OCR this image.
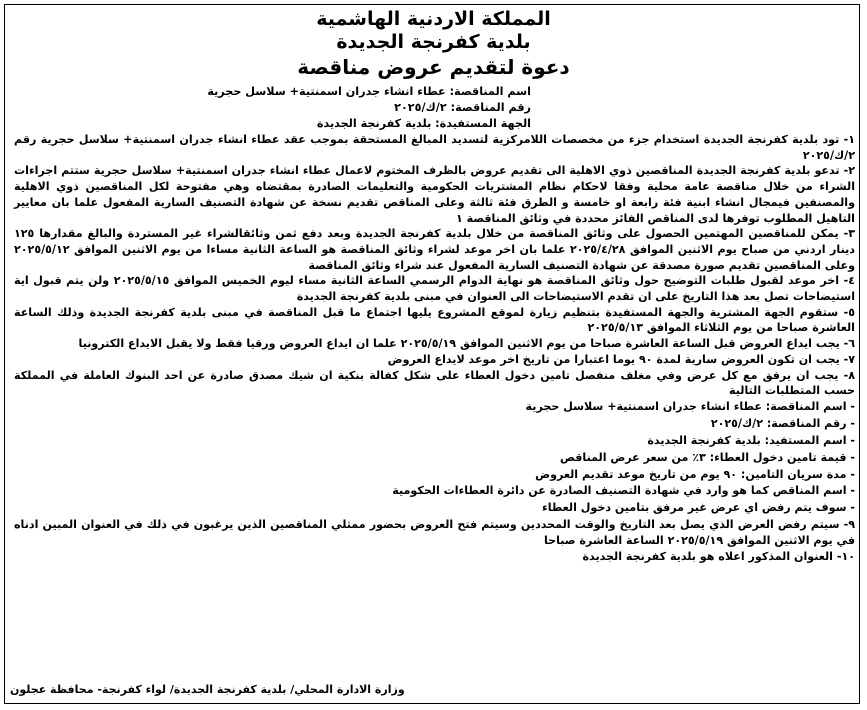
المملكة الاردنية الهاشمية
بلدية كفرنجة الجديدة
دعوة لتقديم عروض مناقصة
اسم المناقصة: عطاء انشاء جدران اسمنتية+ سلاسل حجرية
رقم المناقصة: ٢/ك/٢٠٢٥
الجهة المستفيدة: بلدية كفرنجة الجديدة

١- تود بلدية كفرنجة الجديدة استخدام جزء من مخصصات اللامركزية لتسديد المبالغ المستحقة بموجب عقد عطاء انشاء جدران اسمنتية+ سلاسل حجرية رقم ٢/ك/٢٠٢٥

٢- تدعو بلدية كفرنجة الجديدة المناقصين ذوي الاهلية الى تقديم عروض بالظرف المختوم لاعمال عطاء انشاء جدران اسمنتية+ سلاسل حجرية ستتم اجراءات الشراء من خلال مناقصة عامة محلية وفقا لاحكام نظام المشتريات الحكومية والتعليمات الصادرة بمقتضاه وهي مفتوحة لكل المناقصين ذوي الاهلية والمصنفين فيمجال انشاء ابنية فئة رابعة او خامسة و الطرق فئة ثالثة وعلى المناقص تقديم نسخة عن شهادة التصنيف السارية المفعول علما بان معايير التاهيل المطلوب توفرها لدى المناقص الفائز محددة في وثائق المناقصة ١

٣- يمكن للمناقصين المهتمين الحصول على وثائق المناقصة من خلال بلدية كفرنجة الجديدة وبعد دفع ثمن وثائقالشراء غير المستردة والبالغ مقدارها ١٢٥ دينار اردني من صباح يوم الاثنين الموافق ٢٠٢٥/٤/٢٨ علما بان اخر موعد لشراء وثائق المناقصة هو الساعة الثانية مساءا من يوم الاثنين الموافق ٢٠٢٥/٥/١٢ وعلى المناقصين تقديم صورة مصدقة عن شهادة التصنيف السارية المفعول عند شراء وثائق المناقصة

٤- اخر موعد لقبول طلبات التوضيح حول وثائق المناقصة هو نهاية الدوام الرسمي الساعة الثانية مساء ليوم الخميس الموافق ٢٠٢٥/٥/١٥ ولن يتم قبول اية استيضاحات تصل بعد هذا التاريخ على ان تقدم الاستيضاحات الى العنوان في مبنى بلدية كفرنجة الجديدة

٥- ستقوم الجهة المشترية والجهة المستفيدة بتنظيم زيارة لموقع المشروع يليها اجتماع ما قبل المناقصة في مبنى بلدية كفرنجة الجديدة وذلك الساعة العاشرة صباحا من يوم الثلاثاء الموافق ٢٠٢٥/٥/١٣

٦- يجب ايداع العروض قبل الساعة العاشرة صباحا من يوم الاثنين الموافق ٢٠٢٥/٥/١٩ علما ان ايداع العروض ورقيا فقط ولا يقبل الايداع الكترونيا

٧- يجب ان تكون العروض سارية لمدة ٩٠ يوما اعتبارا من تاريخ اخر موعد لايداع العروض

٨- يجب ان يرفق مع كل عرض وفي مغلف منفصل تامين دخول العطاء على شكل كفالة بنكية ان شيك مصدق صادرة عن احد البنوك العاملة في المملكة حسب المتطلبات التالية

- اسم المناقصة: عطاء انشاء جدران اسمنتية+ سلاسل حجرية
- رقم المناقصة: ٢/ك/٢٠٢٥
- اسم المستفيد: بلدية كفرنجة الجديدة
- قيمة تامين دخول العطاء: ٣٪ من سعر عرض المناقص
- مدة سريان التامين: ٩٠ يوم من تاريخ موعد تقديم العروض
- اسم المناقص كما هو وارد في شهادة التصنيف الصادرة عن دائرة العطاءات الحكومية
- سوف يتم رفض اي عرض غير مرفق بتامين دخول العطاء

٩- سيتم رفض العرض الذي يصل بعد التاريخ والوقت المحددين وسيتم فتح العروض بحضور ممثلي المناقصين الذين يرغبون في ذلك في العنوان المبين ادناه في يوم الاثنين الموافق ٢٠٢٥/٥/١٩ الساعة العاشرة صباحا

١٠- العنوان المذكور اعلاه هو بلدية كفرنجة الجديدة

وزارة الادارة المحلي/ بلدية كفرنجة الجديدة/ لواء كفرنجة- محافظة عجلون
